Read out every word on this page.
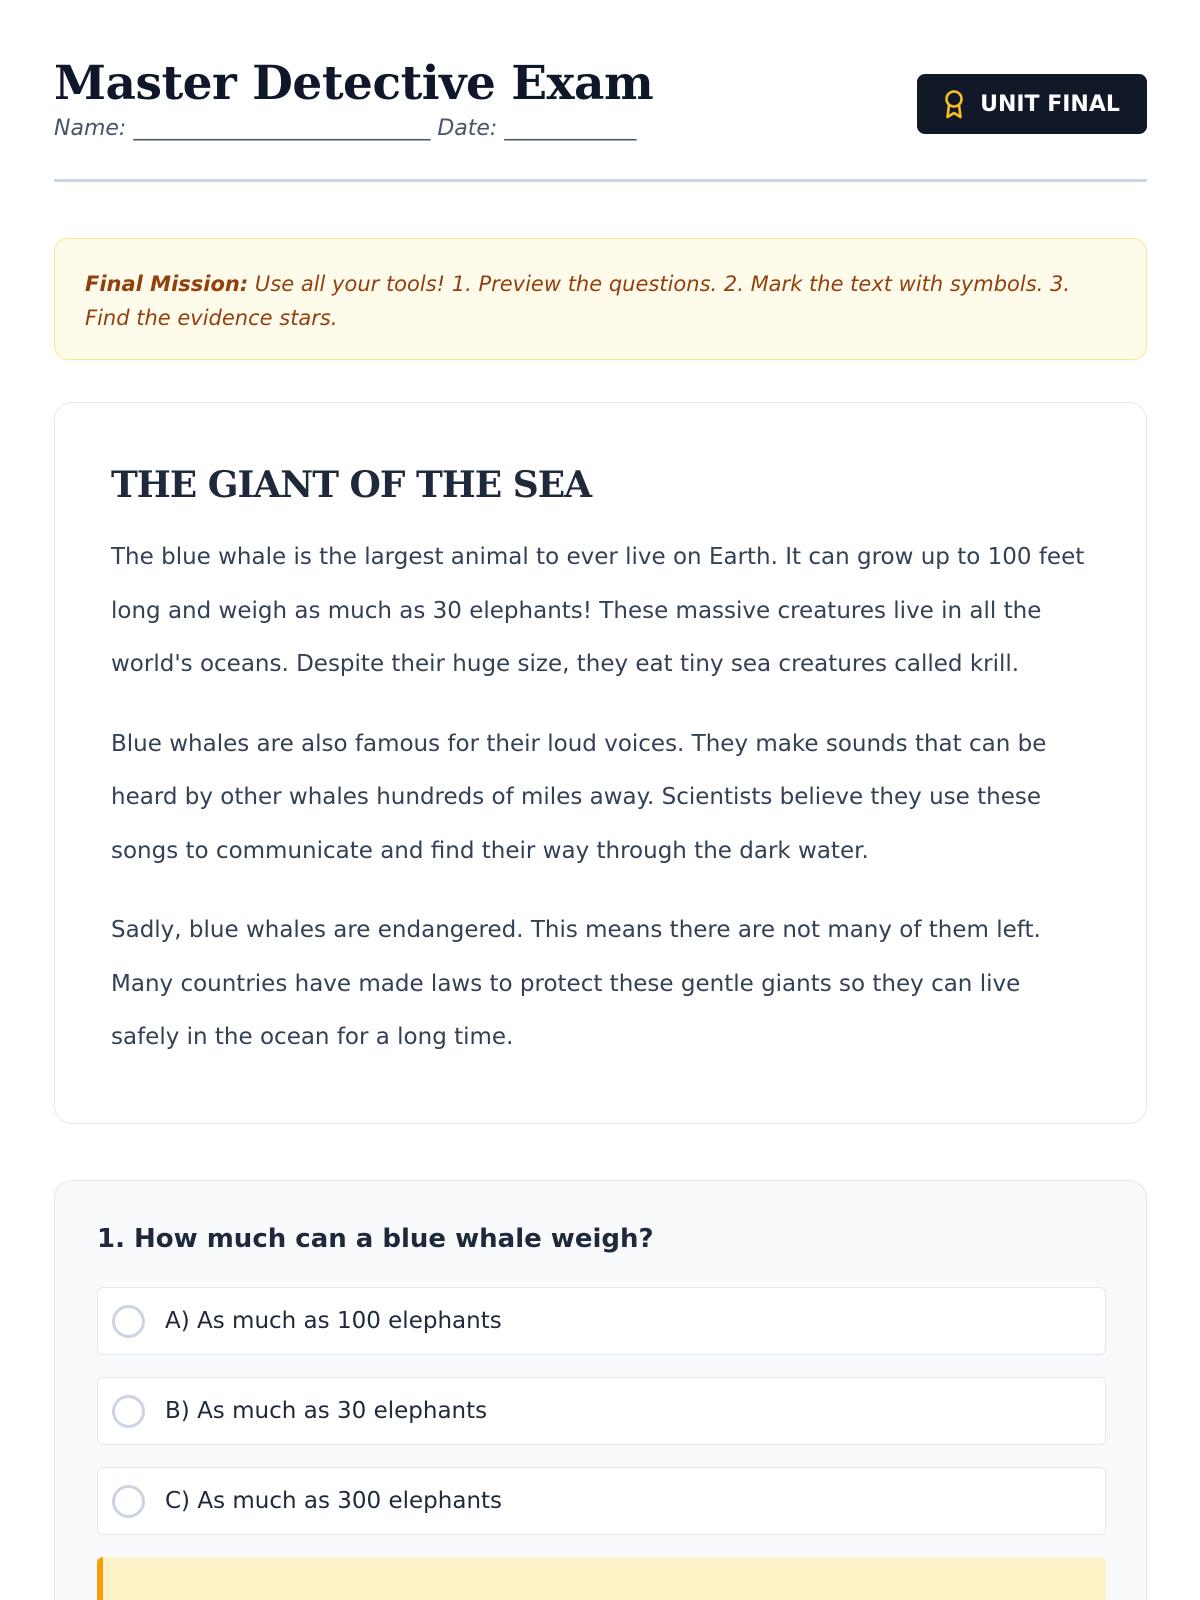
Master Detective Exam
Name: ___________________________ Date: ____________
UNIT FINAL
Final Mission: Use all your tools! 1. Preview the questions. 2. Mark the text with symbols. 3. Find the evidence stars.
THE GIANT OF THE SEA

The blue whale is the largest animal to ever live on Earth. It can grow up to 100 feet long and weigh as much as 30 elephants! These massive creatures live in all the world's oceans. Despite their huge size, they eat tiny sea creatures called krill.

Blue whales are also famous for their loud voices. They make sounds that can be heard by other whales hundreds of miles away. Scientists believe they use these songs to communicate and find their way through the dark water.

Sadly, blue whales are endangered. This means there are not many of them left. Many countries have made laws to protect these gentle giants so they can live safely in the ocean for a long time.

1. How much can a blue whale weigh?
A) As much as 100 elephants
B) As much as 30 elephants
C) As much as 300 elephants
